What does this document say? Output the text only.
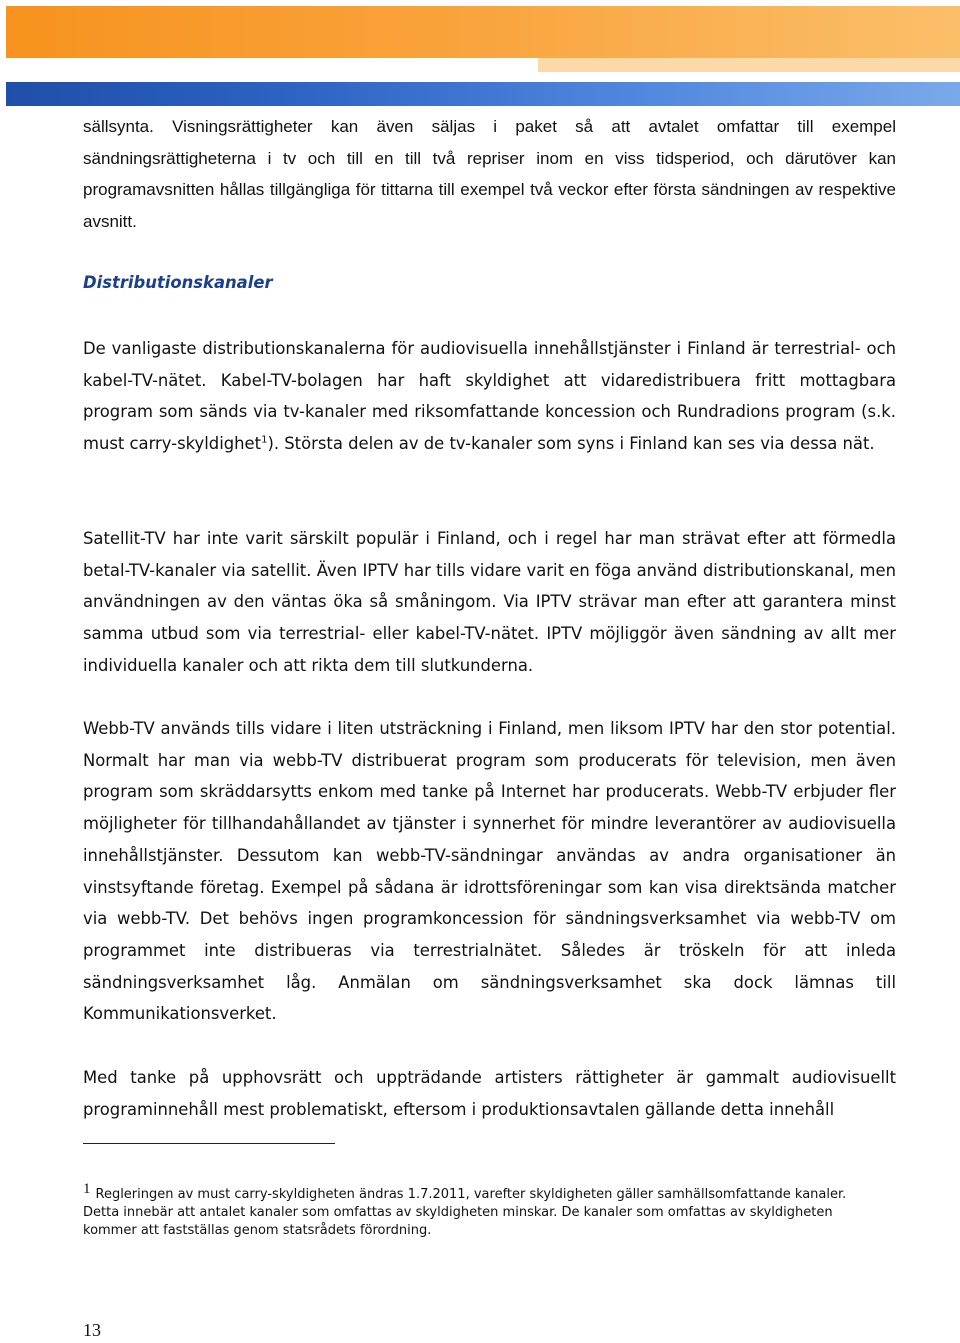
sällsynta. Visningsrättigheter kan även säljas i paket så att avtalet omfattar till exempel sändningsrättigheterna i tv och till en till två repriser inom en viss tidsperiod, och därutöver kan programavsnitten hållas tillgängliga för tittarna till exempel två veckor efter första sändningen av respektive avsnitt.
Distributionskanaler
De vanligaste distributionskanalerna för audiovisuella innehållstjänster i Finland är terrestrial- och kabel-TV-nätet. Kabel-TV-bolagen har haft skyldighet att vidaredistribuera fritt mottagbara program som sänds via tv-kanaler med riksomfattande koncession och Rundradions program (s.k. must carry-skyldighet$^1$). Största delen av de tv-kanaler som syns i Finland kan ses via dessa nät.
Satellit-TV har inte varit särskilt populär i Finland, och i regel har man strävat efter att förmedla betal-TV-kanaler via satellit. Även IPTV har tills vidare varit en föga använd distributionskanal, men användningen av den väntas öka så småningom. Via IPTV strävar man efter att garantera minst samma utbud som via terrestrial- eller kabel-TV-nätet. IPTV möjliggör även sändning av allt mer individuella kanaler och att rikta dem till slutkunderna.
Webb-TV används tills vidare i liten utsträckning i Finland, men liksom IPTV har den stor potential. Normalt har man via webb-TV distribuerat program som producerats för television, men även program som skräddarsytts enkom med tanke på Internet har producerats. Webb-TV erbjuder fler möjligheter för tillhandahållandet av tjänster i synnerhet för mindre leverantörer av audiovisuella innehållstjänster. Dessutom kan webb-TV-sändningar användas av andra organisationer än vinstsyftande företag. Exempel på sådana är idrottsföreningar som kan visa direktsända matcher via webb-TV. Det behövs ingen programkoncession för sändningsverksamhet via webb-TV om programmet inte distribueras via terrestrialnätet. Således är tröskeln för att inleda sändningsverksamhet låg. Anmälan om sändningsverksamhet ska dock lämnas till Kommunikationsverket.
Med tanke på upphovsrätt och uppträdande artisters rättigheter är gammalt audiovisuellt programinnehåll mest problematiskt, eftersom i produktionsavtalen gällande detta innehåll
1 Regleringen av must carry-skyldigheten ändras 1.7.2011, varefter skyldigheten gäller samhällsomfattande kanaler. Detta innebär att antalet kanaler som omfattas av skyldigheten minskar. De kanaler som omfattas av skyldigheten kommer att fastställas genom statsrådets förordning.
13
